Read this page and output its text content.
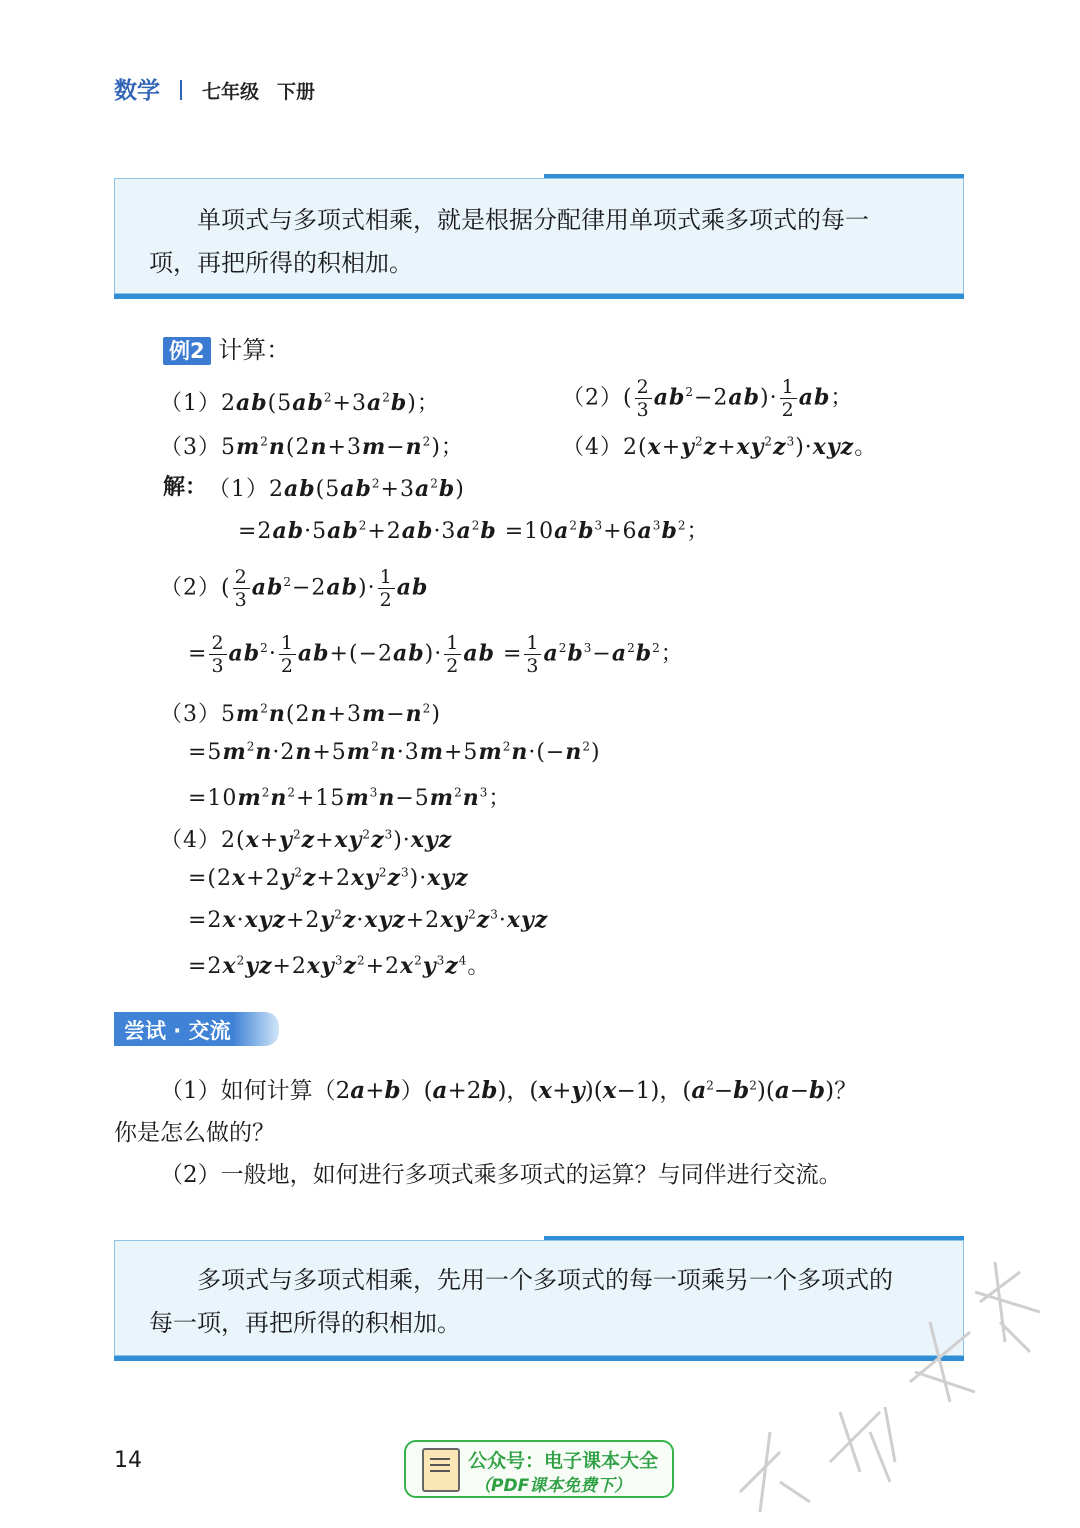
数学 七年级 下册

单项式与多项式相乘，就是根据分配律用单项式乘多项式的每一

项，再把所得的积相加。

例2 计算：
$(1)2ab(5ab^2+3a^2b)$；	$(2)( \frac{2}{3} ab^2-2ab)\cdot \frac{1}{2}$ ab；
$(3)5m^2n(2n+3m-n^2)$；	$(4)2(x+y^2z+xy^2z^3)\cdot xyz$。
解： $(1)2ab(5ab^2+3a^2b)$
$=2ab\cdot 5ab^2+2ab\cdot 3a^2b =10a^2b^3+6a^3b^2$；
$(2)( \frac{2}{3} ab^2-2ab)\cdot \frac{1}{2}$ ab
= $\frac{2}{3} ab^2\cdot \frac{1}{2} ab+(-2ab)\cdot \frac{1}{2}$ ab = $\frac{1}{3} a^2b^3-a^2b^2$；
$(3)5m^2n(2n+3m-n^2)$
$=5m^2n\cdot 2n+5m^2n\cdot 3m+5m^2n\cdot(-n^2)$
$=10m^2n^2+15m^3n-5m^2n^3$；
$(4)2(x+y^2z+xy^2z^3)\cdot xyz$
$=(2x+2y^2z+2xy^2z^3)\cdot xyz$
$=2x\cdot xyz+2y^2z\cdot xyz+2xy^2z^3\cdot xyz$
$=2x^2yz+2xy^3z^2+2x^2y^3z^4$。
尝试 · 交流
（1）如何计算（2a+b）(a+2b)，(x+y)(x−1)，$(a^2-b^2)(a-b)$？
你是怎么做的？
（2）一般地，如何进行多项式乘多项式的运算？与同伴进行交流。

多项式与多项式相乘，先用一个多项式的每一项乘另一个多项式的

每一项，再把所得的积相加。

14	公众号：电子课本大全
（PDF课本免费下）
